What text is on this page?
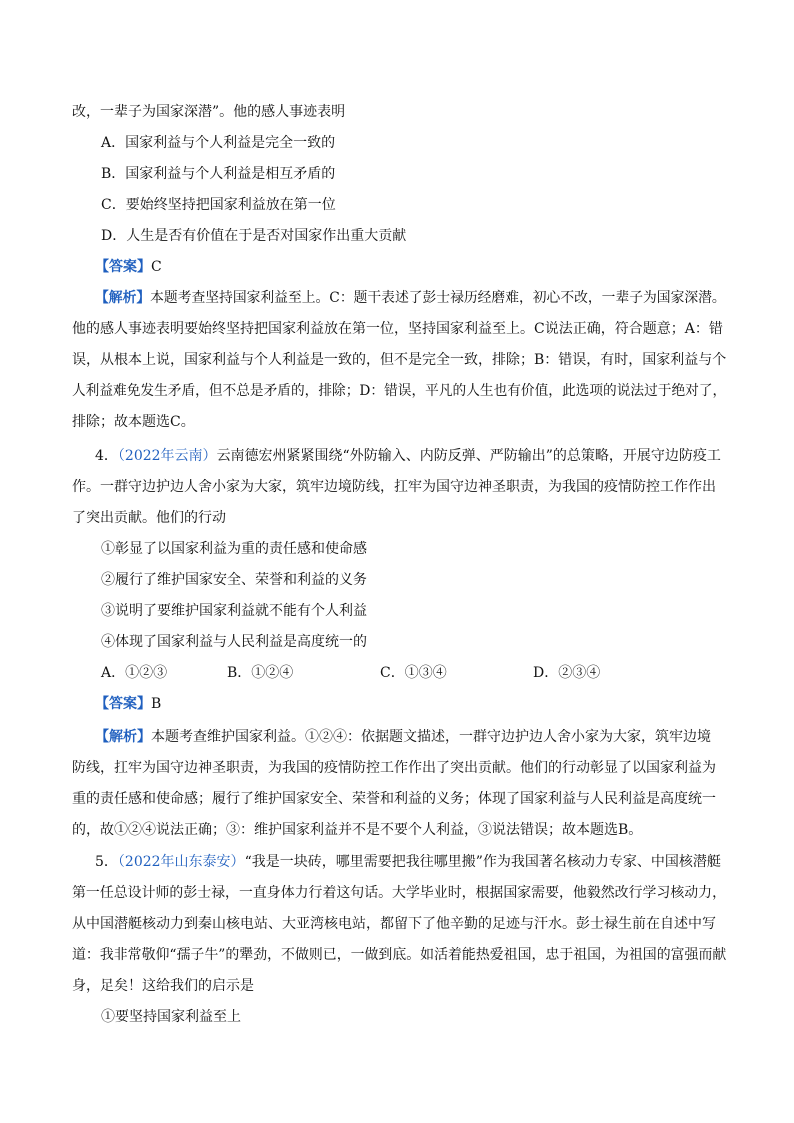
改，一辈子为国家深潜”。他的感人事迹表明
A．国家利益与个人利益是完全一致的
B．国家利益与个人利益是相互矛盾的
C．要始终坚持把国家利益放在第一位
D．人生是否有价值在于是否对国家作出重大贡献
【答案】C
【解析】本题考查坚持国家利益至上。C：题干表述了彭士禄历经磨难，初心不改，一辈子为国家深潜。
他的感人事迹表明要始终坚持把国家利益放在第一位，坚持国家利益至上。C说法正确，符合题意；A：错
误，从根本上说，国家利益与个人利益是一致的，但不是完全一致，排除；B：错误，有时，国家利益与个
人利益难免发生矛盾，但不总是矛盾的，排除；D：错误，平凡的人生也有价值，此选项的说法过于绝对了，
排除；故本题选C。
4．（2022年云南）云南德宏州紧紧围绕“外防输入、内防反弹、严防输出”的总策略，开展守边防疫工
作。一群守边护边人舍小家为大家，筑牢边境防线，扛牢为国守边神圣职责，为我国的疫情防控工作作出
了突出贡献。他们的行动
①彰显了以国家利益为重的责任感和使命感
②履行了维护国家安全、荣誉和利益的义务
③说明了要维护国家利益就不能有个人利益
④体现了国家利益与人民利益是高度统一的
A．①②③	B．①②④	C．①③④	D．②③④
【答案】B
【解析】本题考查维护国家利益。①②④：依据题文描述，一群守边护边人舍小家为大家，筑牢边境
防线，扛牢为国守边神圣职责，为我国的疫情防控工作作出了突出贡献。他们的行动彰显了以国家利益为
重的责任感和使命感；履行了维护国家安全、荣誉和利益的义务；体现了国家利益与人民利益是高度统一
的，故①②④说法正确；③：维护国家利益并不是不要个人利益，③说法错误；故本题选B。
5．（2022年山东泰安）“我是一块砖，哪里需要把我往哪里搬”作为我国著名核动力专家、中国核潜艇
第一任总设计师的彭士禄，一直身体力行着这句话。大学毕业时，根据国家需要，他毅然改行学习核动力，
从中国潜艇核动力到秦山核电站、大亚湾核电站，都留下了他辛勤的足迹与汗水。彭士禄生前在自述中写
道：我非常敬仰“孺子牛”的犟劲，不做则已，一做到底。如活着能热爱祖国，忠于祖国，为祖国的富强而献
身，足矣！这给我们的启示是
①要坚持国家利益至上
